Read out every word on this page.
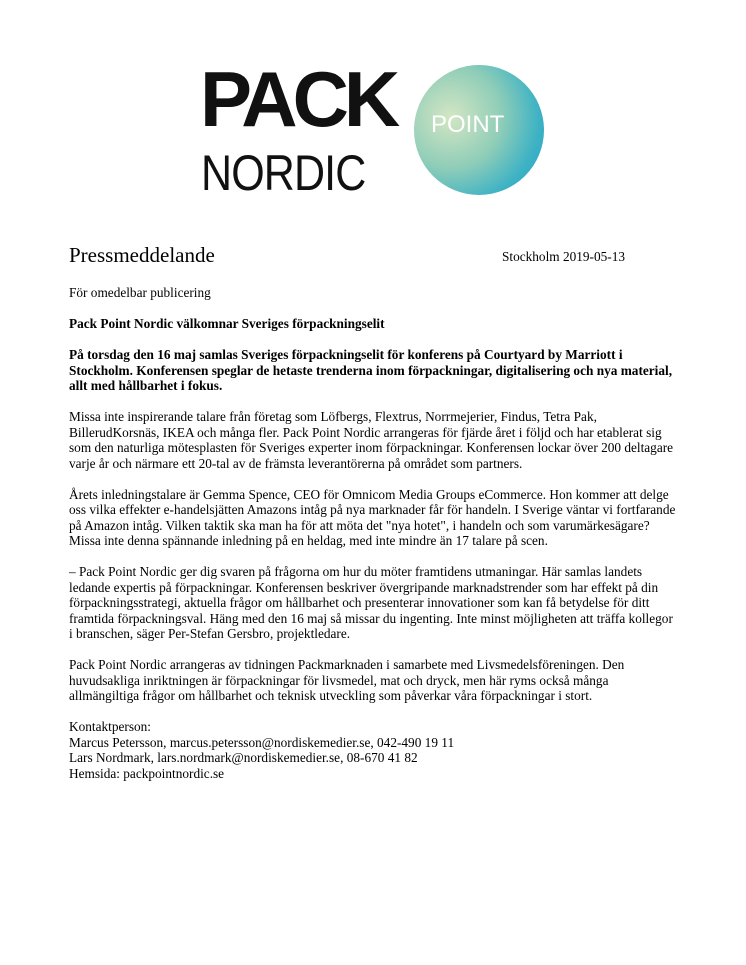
PACK POINT
NORDIC
Pressmeddelande	Stockholm 2019-05-13

För omedelbar publicering

Pack Point Nordic välkomnar Sveriges förpackningselit

På torsdag den 16 maj samlas Sveriges förpackningselit för konferens på Courtyard by Marriott i Stockholm. Konferensen speglar de hetaste trenderna inom förpackningar, digitalisering och nya material, allt med hållbarhet i fokus.

Missa inte inspirerande talare från företag som Löfbergs, Flextrus, Norrmejerier, Findus, Tetra Pak, BillerudKorsnäs, IKEA och många fler. Pack Point Nordic arrangeras för fjärde året i följd och har etablerat sig som den naturliga mötesplasten för Sveriges experter inom förpackningar. Konferensen lockar över 200 deltagare varje år och närmare ett 20-tal av de främsta leverantörerna på området som partners.

Årets inledningstalare är Gemma Spence, CEO för Omnicom Media Groups eCommerce. Hon kommer att delge oss vilka effekter e-handelsjätten Amazons intåg på nya marknader får för handeln. I Sverige väntar vi fortfarande på Amazon intåg. Vilken taktik ska man ha för att möta det "nya hotet", i handeln och som varumärkesägare? Missa inte denna spännande inledning på en heldag, med inte mindre än 17 talare på scen.

– Pack Point Nordic ger dig svaren på frågorna om hur du möter framtidens utmaningar. Här samlas landets ledande expertis på förpackningar. Konferensen beskriver övergripande marknadstrender som har effekt på din förpackningsstrategi, aktuella frågor om hållbarhet och presenterar innovationer som kan få betydelse för ditt framtida förpackningsval. Häng med den 16 maj så missar du ingenting. Inte minst möjligheten att träffa kollegor i branschen, säger Per-Stefan Gersbro, projektledare.

Pack Point Nordic arrangeras av tidningen Packmarknaden i samarbete med Livsmedelsföreningen. Den huvudsakliga inriktningen är förpackningar för livsmedel, mat och dryck, men här ryms också många allmängiltiga frågor om hållbarhet och teknisk utveckling som påverkar våra förpackningar i stort.

Kontaktperson:

Marcus Petersson, marcus.petersson@nordiskemedier.se, 042-490 19 11

Lars Nordmark, lars.nordmark@nordiskemedier.se, 08-670 41 82

Hemsida: packpointnordic.se
